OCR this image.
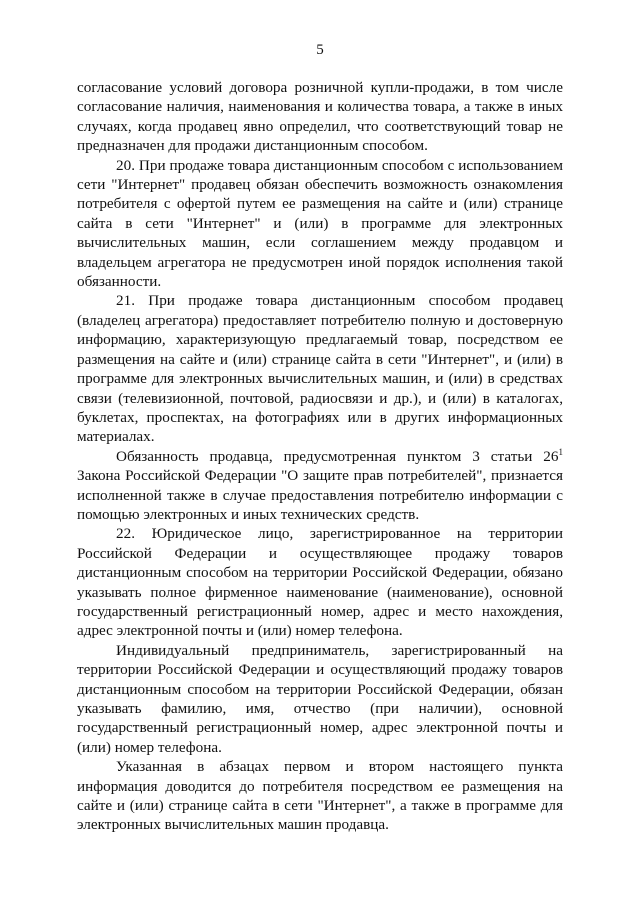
5

согласование условий договора розничной купли-продажи, в том числе согласование наличия, наименования и количества товара, а также в иных случаях, когда продавец явно определил, что соответствующий товар не предназначен для продажи дистанционным способом.

20. При продаже товара дистанционным способом с использованием сети "Интернет" продавец обязан обеспечить возможность ознакомления потребителя с офертой путем ее размещения на сайте и (или) странице сайта в сети "Интернет" и (или) в программе для электронных вычислительных машин, если соглашением между продавцом и владельцем агрегатора не предусмотрен иной порядок исполнения такой обязанности.

21. При продаже товара дистанционным способом продавец (владелец агрегатора) предоставляет потребителю полную и достоверную информацию, характеризующую предлагаемый товар, посредством ее размещения на сайте и (или) странице сайта в сети "Интернет", и (или) в программе для электронных вычислительных машин, и (или) в средствах связи (телевизионной, почтовой, радиосвязи и др.), и (или) в каталогах, буклетах, проспектах, на фотографиях или в других информационных материалах.

Обязанность продавца, предусмотренная пунктом 3 статьи $26^1$ Закона Российской Федерации "О защите прав потребителей", признается исполненной также в случае предоставления потребителю информации с помощью электронных и иных технических средств.

22. Юридическое лицо, зарегистрированное на территории Российской Федерации и осуществляющее продажу товаров дистанционным способом на территории Российской Федерации, обязано указывать полное фирменное наименование (наименование), основной государственный регистрационный номер, адрес и место нахождения, адрес электронной почты и (или) номер телефона.

Индивидуальный предприниматель, зарегистрированный на территории Российской Федерации и осуществляющий продажу товаров дистанционным способом на территории Российской Федерации, обязан указывать фамилию, имя, отчество (при наличии), основной государственный регистрационный номер, адрес электронной почты и (или) номер телефона.

Указанная в абзацах первом и втором настоящего пункта информация доводится до потребителя посредством ее размещения на сайте и (или) странице сайта в сети "Интернет", а также в программе для электронных вычислительных машин продавца.
